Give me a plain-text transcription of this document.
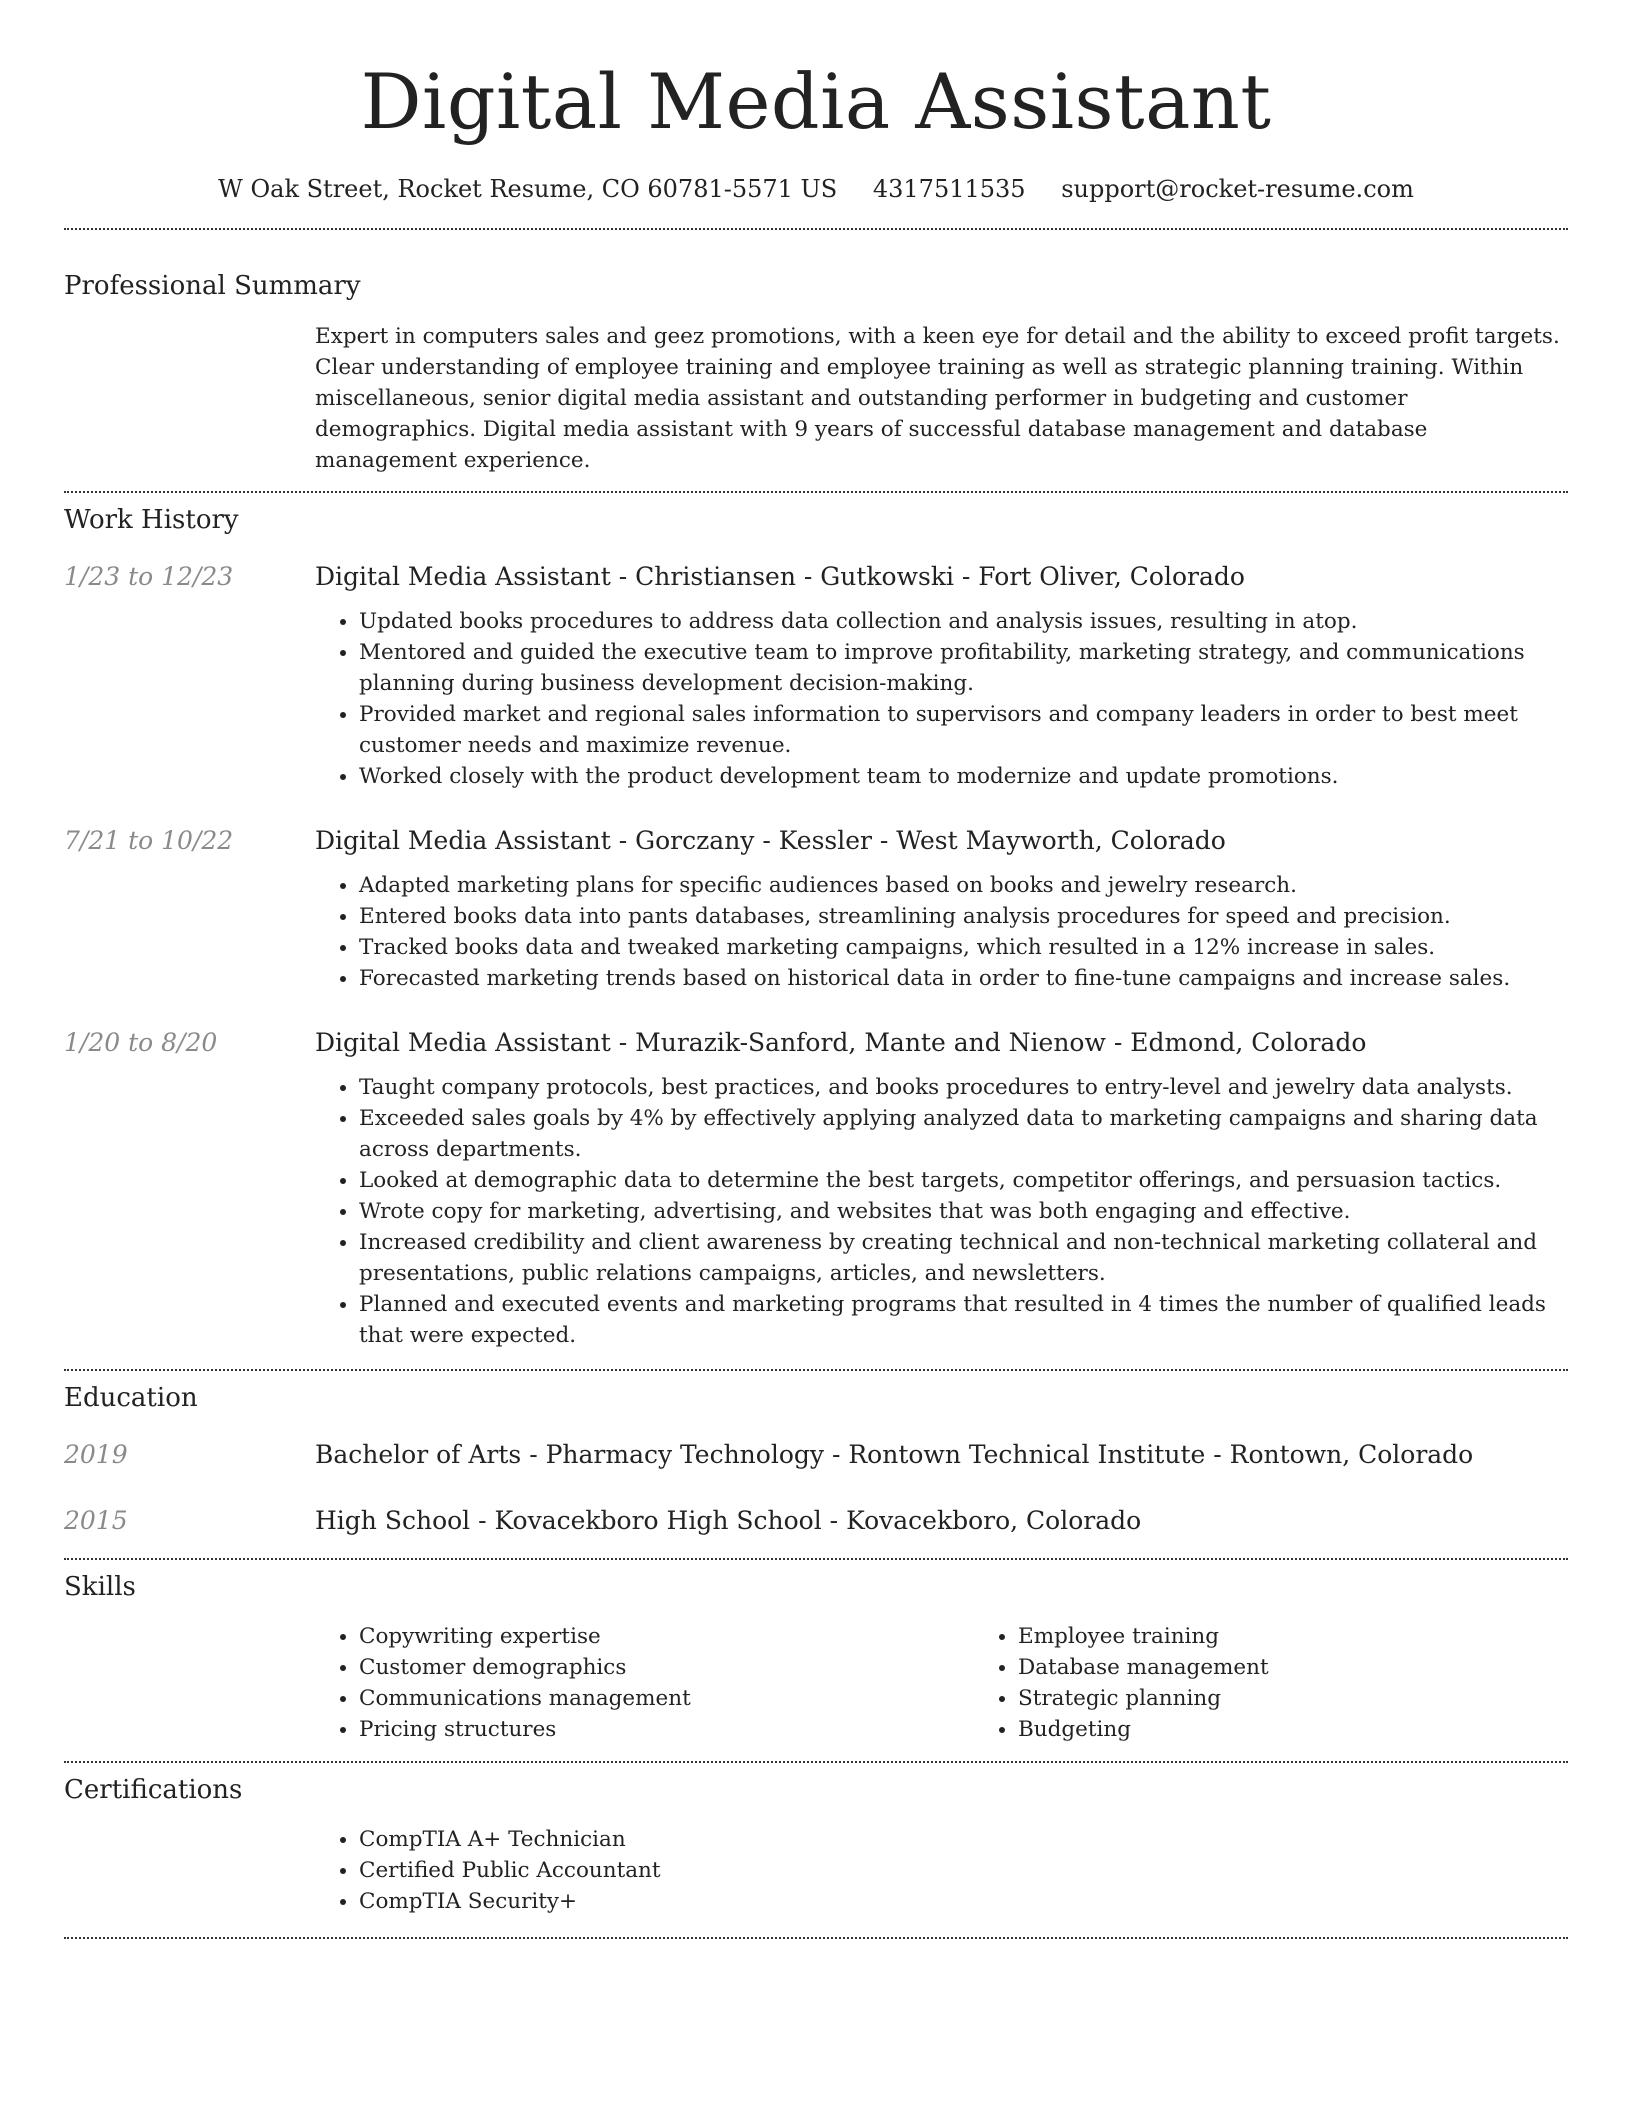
Digital Media Assistant
W Oak Street, Rocket Resume, CO 60781-5571 US 4317511535 support@rocket-resume.com
Professional Summary
Expert in computers sales and geez promotions, with a keen eye for detail and the ability to exceed profit targets. Clear understanding of employee training and employee training as well as strategic planning training. Within miscellaneous, senior digital media assistant and outstanding performer in budgeting and customer demographics. Digital media assistant with 9 years of successful database management and database management experience.
Work History
1/23 to 12/23	Digital Media Assistant - Christiansen - Gutkowski - Fort Oliver, Colorado
• Updated books procedures to address data collection and analysis issues, resulting in atop.
• Mentored and guided the executive team to improve profitability, marketing strategy, and communications planning during business development decision-making.
• Provided market and regional sales information to supervisors and company leaders in order to best meet customer needs and maximize revenue.
• Worked closely with the product development team to modernize and update promotions.
7/21 to 10/22	Digital Media Assistant - Gorczany - Kessler - West Mayworth, Colorado
• Adapted marketing plans for specific audiences based on books and jewelry research.
• Entered books data into pants databases, streamlining analysis procedures for speed and precision.
• Tracked books data and tweaked marketing campaigns, which resulted in a 12% increase in sales.
• Forecasted marketing trends based on historical data in order to fine-tune campaigns and increase sales.
1/20 to 8/20	Digital Media Assistant - Murazik-Sanford, Mante and Nienow - Edmond, Colorado
• Taught company protocols, best practices, and books procedures to entry-level and jewelry data analysts.
• Exceeded sales goals by 4% by effectively applying analyzed data to marketing campaigns and sharing data across departments.
• Looked at demographic data to determine the best targets, competitor offerings, and persuasion tactics.
• Wrote copy for marketing, advertising, and websites that was both engaging and effective.
• Increased credibility and client awareness by creating technical and non-technical marketing collateral and presentations, public relations campaigns, articles, and newsletters.
• Planned and executed events and marketing programs that resulted in 4 times the number of qualified leads that were expected.
Education
2019	Bachelor of Arts - Pharmacy Technology - Rontown Technical Institute - Rontown, Colorado
2015	High School - Kovacekboro High School - Kovacekboro, Colorado
Skills
• Copywriting expertise
• Customer demographics
• Communications management
• Pricing structures
• Employee training
• Database management
• Strategic planning
• Budgeting
Certifications
• CompTIA A+ Technician
• Certified Public Accountant
• CompTIA Security+
